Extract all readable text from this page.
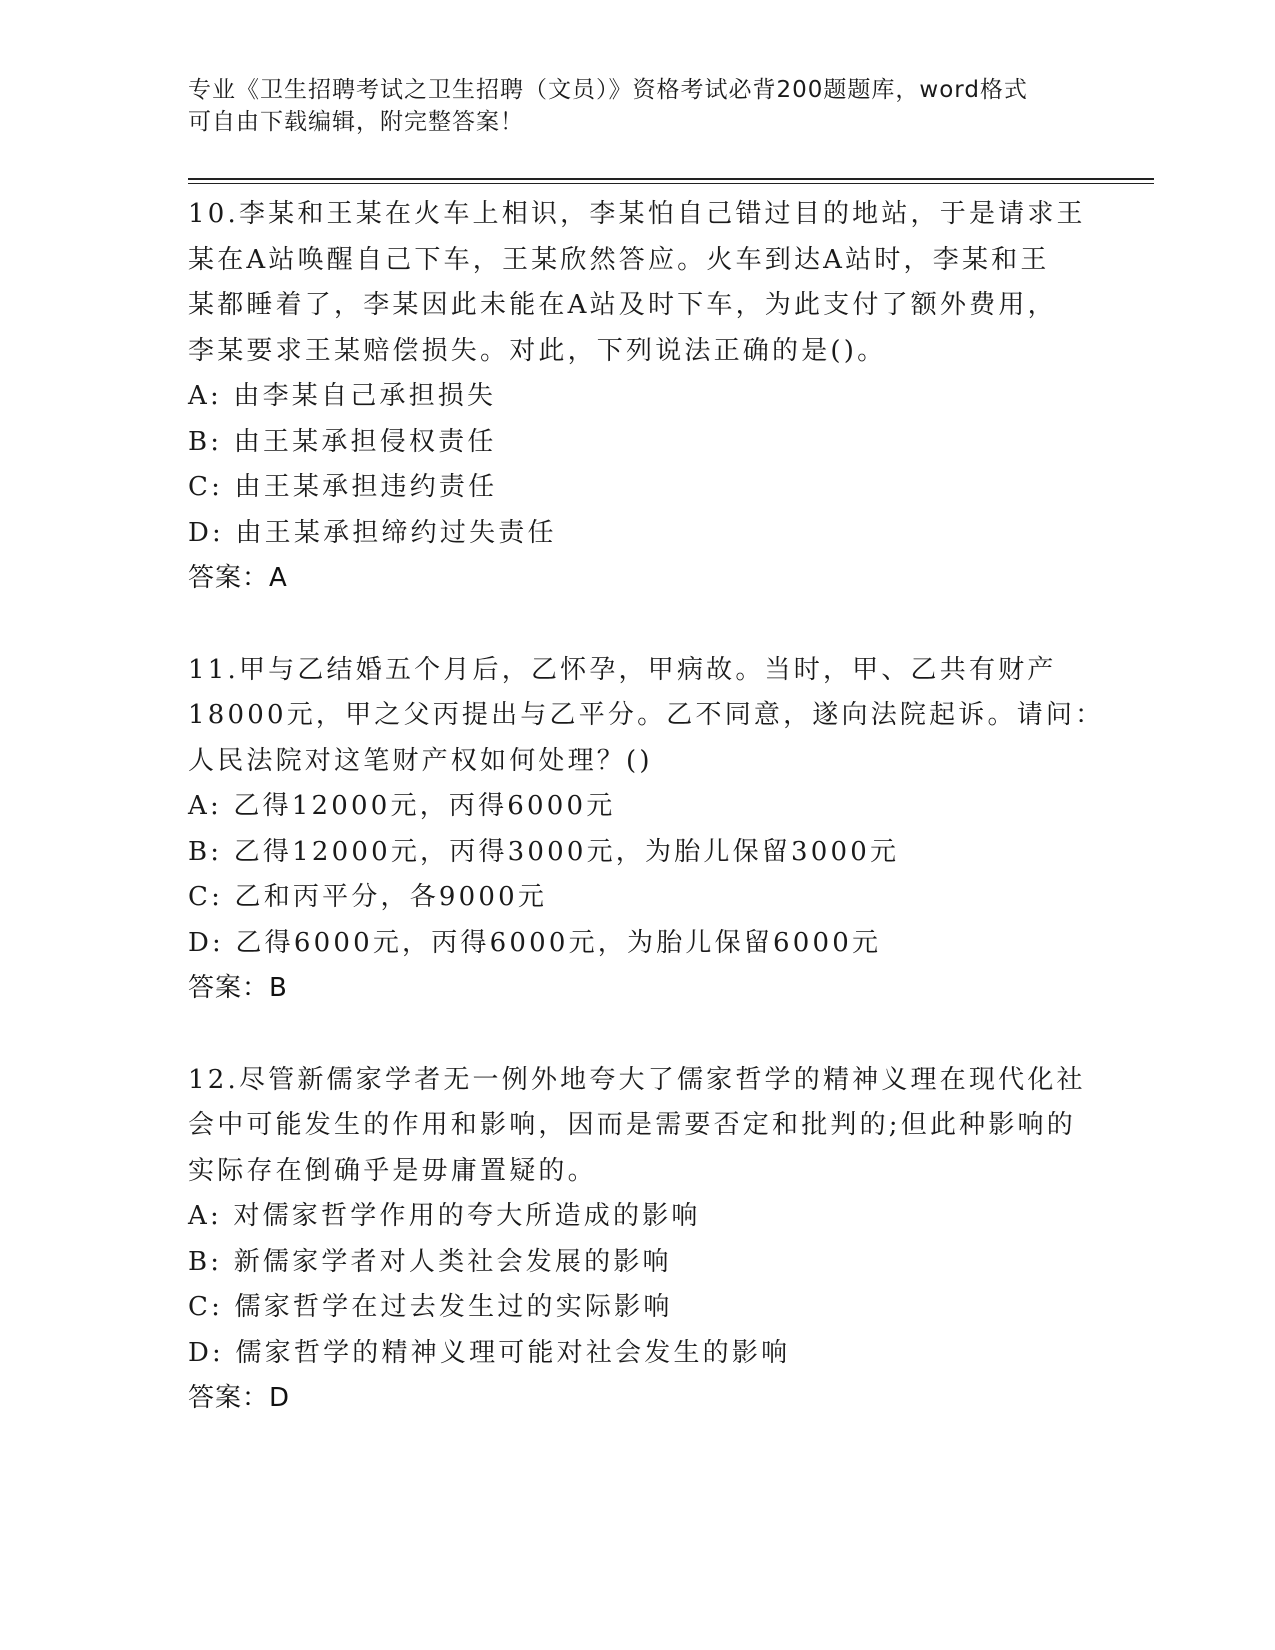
专业《卫生招聘考试之卫生招聘（文员）》资格考试必背200题题库，word格式
可自由下载编辑，附完整答案！
10.李某和王某在火车上相识，李某怕自己错过目的地站，于是请求王
某在A站唤醒自己下车，王某欣然答应。火车到达A站时，李某和王
某都睡着了，李某因此未能在A站及时下车，为此支付了额外费用，
李某要求王某赔偿损失。对此，下列说法正确的是()。
A: 由李某自己承担损失
B: 由王某承担侵权责任
C: 由王某承担违约责任
D: 由王某承担缔约过失责任
答案：A
11.甲与乙结婚五个月后，乙怀孕，甲病故。当时，甲、乙共有财产
18000元，甲之父丙提出与乙平分。乙不同意，遂向法院起诉。请问：
人民法院对这笔财产权如何处理？()
A: 乙得12000元，丙得6000元
B: 乙得12000元，丙得3000元，为胎儿保留3000元
C: 乙和丙平分，各9000元
D: 乙得6000元，丙得6000元，为胎儿保留6000元
答案：B
12.尽管新儒家学者无一例外地夸大了儒家哲学的精神义理在现代化社
会中可能发生的作用和影响，因而是需要否定和批判的;但此种影响的
实际存在倒确乎是毋庸置疑的。
A: 对儒家哲学作用的夸大所造成的影响
B: 新儒家学者对人类社会发展的影响
C: 儒家哲学在过去发生过的实际影响
D: 儒家哲学的精神义理可能对社会发生的影响
答案：D
